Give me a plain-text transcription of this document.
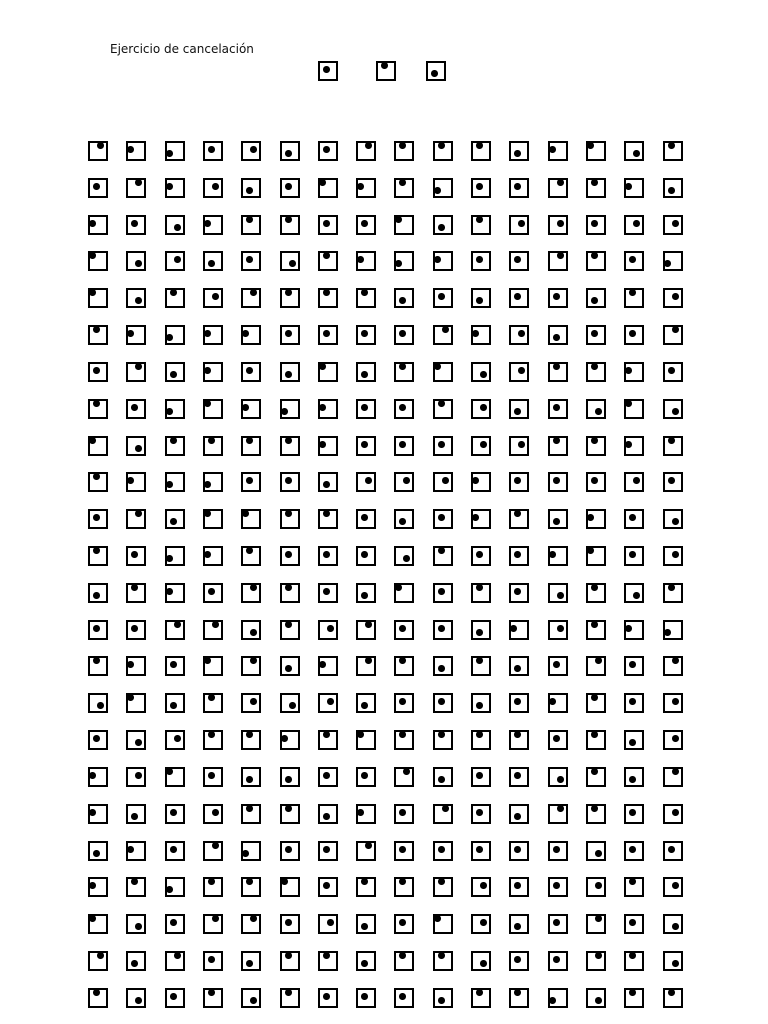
Ejercicio de cancelación
